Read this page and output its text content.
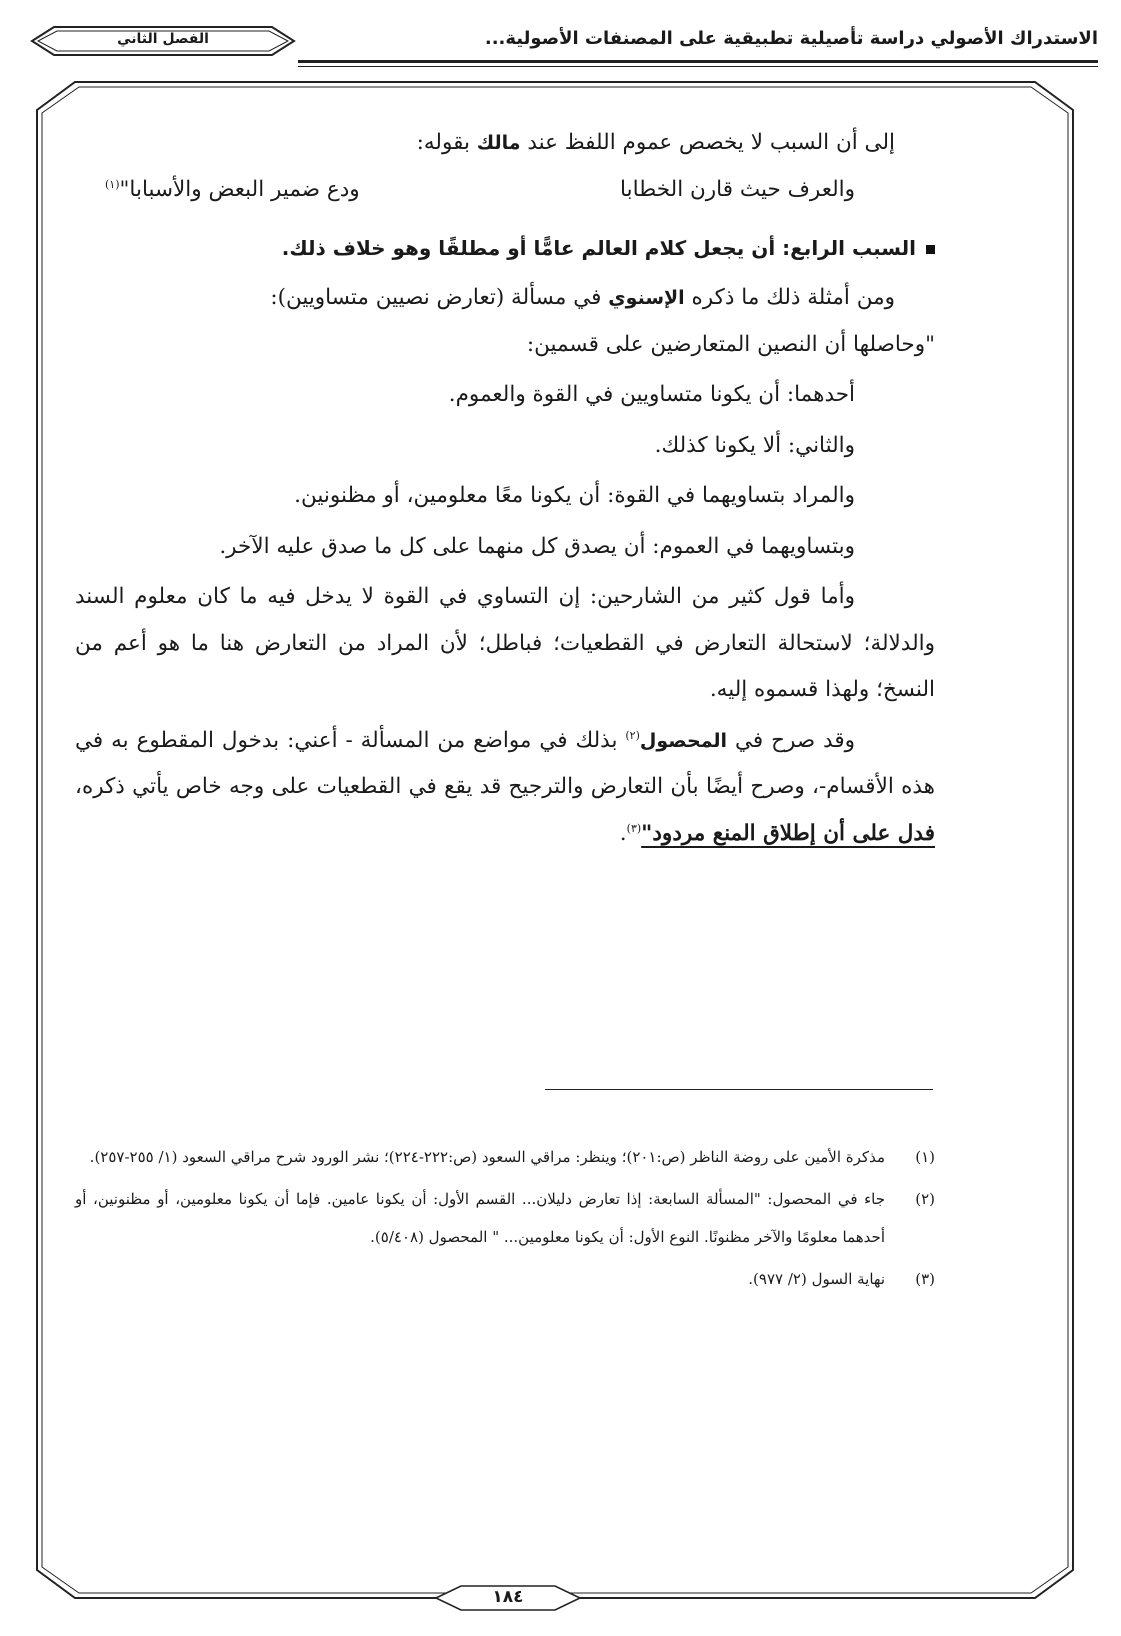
الاستدراك الأصولي دراسة تأصيلية تطبيقية على المصنفات الأصولية...
الفصل الثاني

إلى أن السبب لا يخصص عموم اللفظ عند مالك بقوله:

والعرف حيث قارن الخطابا
ودع ضمير البعض والأسبابا"$^{(١)}$

السبب الرابع: أن يجعل كلام العالم عامًّا أو مطلقًا وهو خلاف ذلك.

ومن أمثلة ذلك ما ذكره الإسنوي في مسألة (تعارض نصيين متساويين):

"وحاصلها أن النصين المتعارضين على قسمين:

أحدهما: أن يكونا متساويين في القوة والعموم.

والثاني: ألا يكونا كذلك.

والمراد بتساويهما في القوة: أن يكونا معًا معلومين، أو مظنونين.

وبتساويهما في العموم: أن يصدق كل منهما على كل ما صدق عليه الآخر.

وأما قول كثير من الشارحين: إن التساوي في القوة لا يدخل فيه ما كان معلوم السند والدلالة؛ لاستحالة التعارض في القطعيات؛ فباطل؛ لأن المراد من التعارض هنا ما هو أعم من النسخ؛ ولهذا قسموه إليه.

وقد صرح في المحصول$^{(٢)}$ بذلك في مواضع من المسألة - أعني: بدخول المقطوع به في هذه الأقسام-، وصرح أيضًا بأن التعارض والترجيح قد يقع في القطعيات على وجه خاص يأتي ذكره، فدل على أن إطلاق المنع مردود"$^{(٣)}$.

(١)
مذكرة الأمين على روضة الناظر (ص:٢٠١)؛ وينظر: مراقي السعود (ص:٢٢٢-٢٢٤)؛ نشر الورود شرح مراقي السعود (١/ ٢٥٥-٢٥٧).
(٢)
جاء في المحصول: "المسألة السابعة: إذا تعارض دليلان... القسم الأول: أن يكونا عامين. فإما أن يكونا معلومين، أو مظنونين، أو أحدهما معلومًا والآخر مظنونًا. النوع الأول: أن يكونا معلومين... " المحصول (٥/٤٠٨).
(٣)
نهاية السول (٢/ ٩٧٧).
١٨٤
